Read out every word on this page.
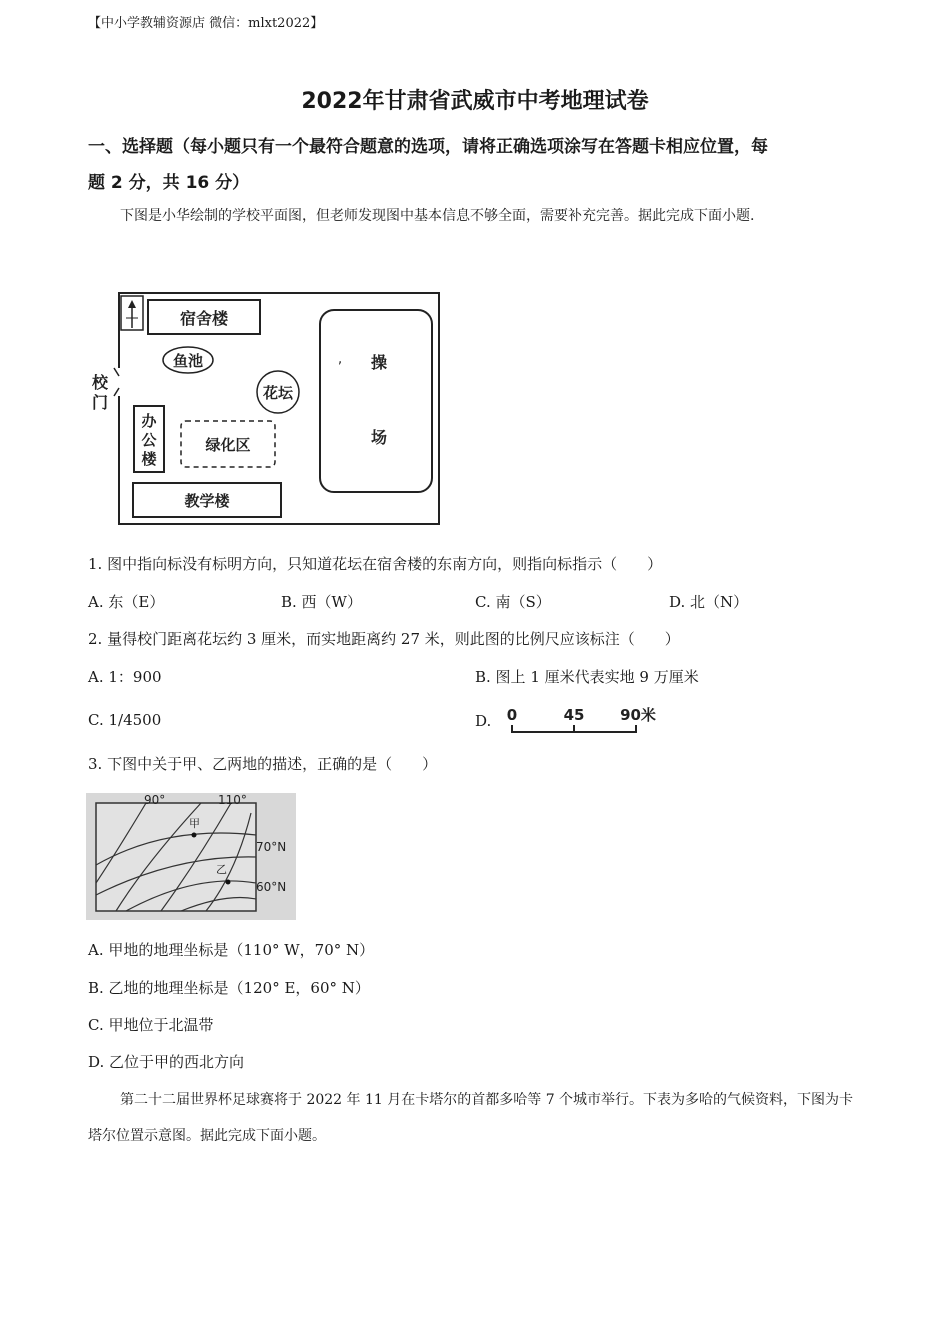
【中小学教辅资源店 微信：mlxt2022】
2022年甘肃省武威市中考地理试卷
一、选择题（每小题只有一个最符合题意的选项，请将正确选项涂写在答题卡相应位置，每
题 2 分，共 16 分）
下图是小华绘制的学校平面图，但老师发现图中基本信息不够全面，需要补充完善。据此完成下面小题.
宿舍楼
鱼池
花坛
, 操
场
校
门
办
公
楼
绿化区
教学楼
1. 图中指向标没有标明方向，只知道花坛在宿舍楼的东南方向，则指向标指示（　　）
A. 东（E）	B. 西（W）	C. 南（S）	D. 北（N）
2. 量得校门距离花坛约 3 厘米，而实地距离约 27 米，则此图的比例尺应该标注（　　）
A. 1：900	B. 图上 1 厘米代表实地 9 万厘米
C. 1/4500	D. 0	45 90米
3. 下图中关于甲、乙两地的描述，正确的是（　　）
90°	110°
70°N
60°N
甲
乙
A. 甲地的地理坐标是（110° W，70° N）
B. 乙地的地理坐标是（120° E，60° N）
C. 甲地位于北温带
D. 乙位于甲的西北方向
第二十二届世界杯足球赛将于 2022 年 11 月在卡塔尔的首都多哈等 7 个城市举行。下表为多哈的气候资料，下图为卡塔尔位置示意图。据此完成下面小题。
